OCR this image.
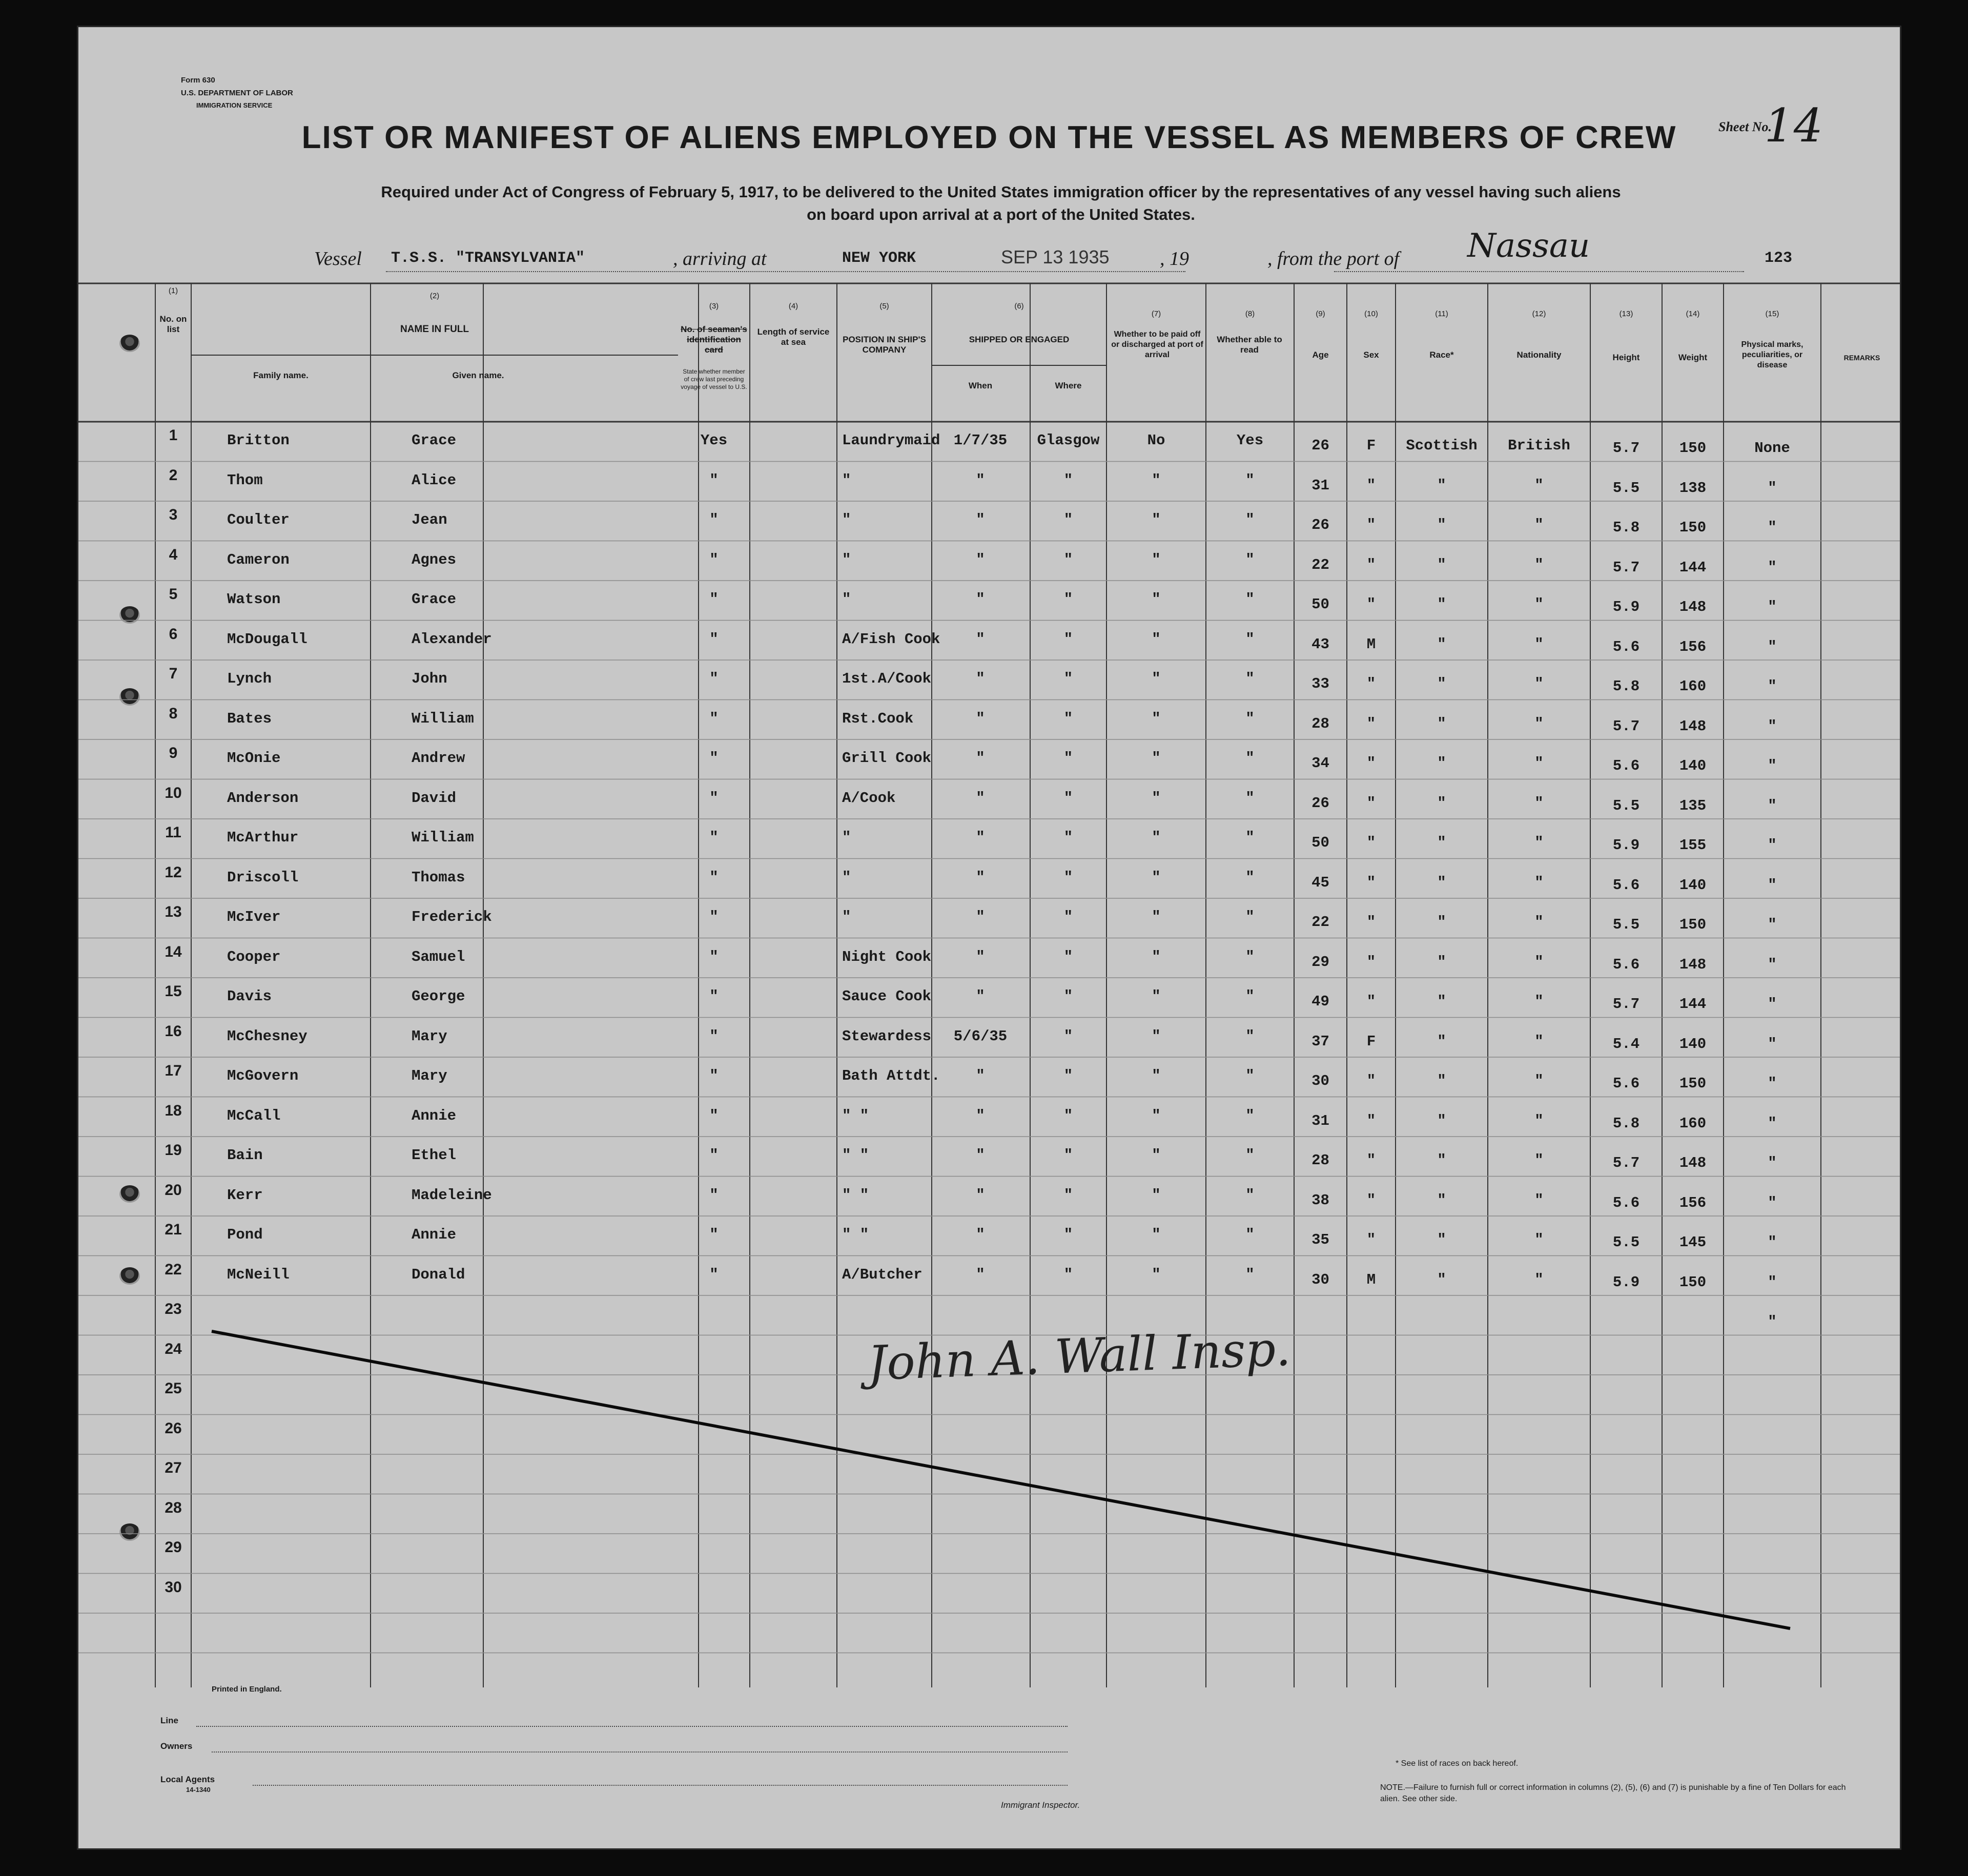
Form 630
U.S. DEPARTMENT OF LABOR
IMMIGRATION SERVICE
Sheet No.
14
LIST OR MANIFEST OF ALIENS EMPLOYED ON THE VESSEL AS MEMBERS OF CREW
Required under Act of Congress of February 5, 1917, to be delivered to the United States immigration officer by the representatives of any vessel having such aliens
on board upon arrival at a port of the United States.
Vessel T.S.S. "TRANSYLVANIA"	, arriving at	NEW YORK	SEP 13 1935	, 19	, from the port of Nassau	123
(1)
No. on list
(2)
NAME IN FULL
Family name.	Given name.
(3)
No. of seaman's identification card
State whether member of crew last preceding voyage of vessel to U.S.
(4)
Length of service at sea
(5)
POSITION IN SHIP'S COMPANY
(6)
SHIPPED OR ENGAGED
When	Where
(7)
Whether to be paid off or discharged at port of arrival
(8)
Whether able to read
(9)
Age
(10)
Sex
(11)
Race*
(12)
Nationality
(13)
Height
(14)
Weight
(15)
Physical marks, peculiarities, or disease
REMARKS
1	Britton	Grace	Yes	Laundrymaid 1/7/35	Glasgow	No	Yes	26	F	Scottish	British	5.7	150	None
2	Thom	Alice	"	"	"	"	"	"	31	"	"	"	5.5	138	"
3	Coulter	Jean	"	"	"	"	"	"	26	"	"	"	5.8	150	"
4	Cameron	Agnes	"	"	"	"	"	"	22	"	"	"	5.7	144	"
5	Watson	Grace	"	"	"	"	"	"	50	"	"	"	5.9	148	"
6	McDougall	Alexander	"	A/Fish Cook	"	"	"	"	43	M	"	"	5.6	156	"
7	Lynch	John	"	1st.A/Cook	"	"	"	"	33	"	"	"	5.8	160	"
8	Bates	William	"	Rst.Cook	"	"	"	"	28	"	"	"	5.7	148	"
9	McOnie	Andrew	"	Grill Cook	"	"	"	"	34	"	"	"	5.6	140	"
10	Anderson	David	"	A/Cook	"	"	"	"	26	"	"	"	5.5	135	"
11	McArthur	William	"	"	"	"	"	"	50	"	"	"	5.9	155	"
12	Driscoll	Thomas	"	"	"	"	"	"	45	"	"	"	5.6	140	"
13	McIver	Frederick	"	"	"	"	"	"	22	"	"	"	5.5	150	"
14	Cooper	Samuel	"	Night Cook	"	"	"	"	29	"	"	"	5.6	148	"
15	Davis	George	"	Sauce Cook	"	"	"	"	49	"	"	"	5.7	144	"
16	McChesney	Mary	"	Stewardess	5/6/35	"	"	"	37	F	"	"	5.4	140	"
17	McGovern	Mary	"	Bath Attdt.	"	"	"	"	30	"	"	"	5.6	150	"
18	McCall	Annie	"	" "	"	"	"	"	31	"	"	"	5.8	160	"
19	Bain	Ethel	"	" "	"	"	"	"	28	"	"	"	5.7	148	"
20	Kerr	Madeleine	"	" "	"	"	"	"	38	"	"	"	5.6	156	"
21	Pond	Annie	"	" "	"	"	"	"	35	"	"	"	5.5	145	"
22	McNeill	Donald	"	A/Butcher	"	"	"	"	30	M	"	"	5.9	150	"
23
24
25
26
27
28
29
30
"
John A. Wall Insp.
Printed in England.
Line
Owners
Local Agents
14-1340
Immigrant Inspector.
* See list of races on back hereof.
NOTE.—Failure to furnish full or correct information in columns (2), (5), (6) and (7) is punishable by a fine of Ten Dollars for each alien. See other side.
